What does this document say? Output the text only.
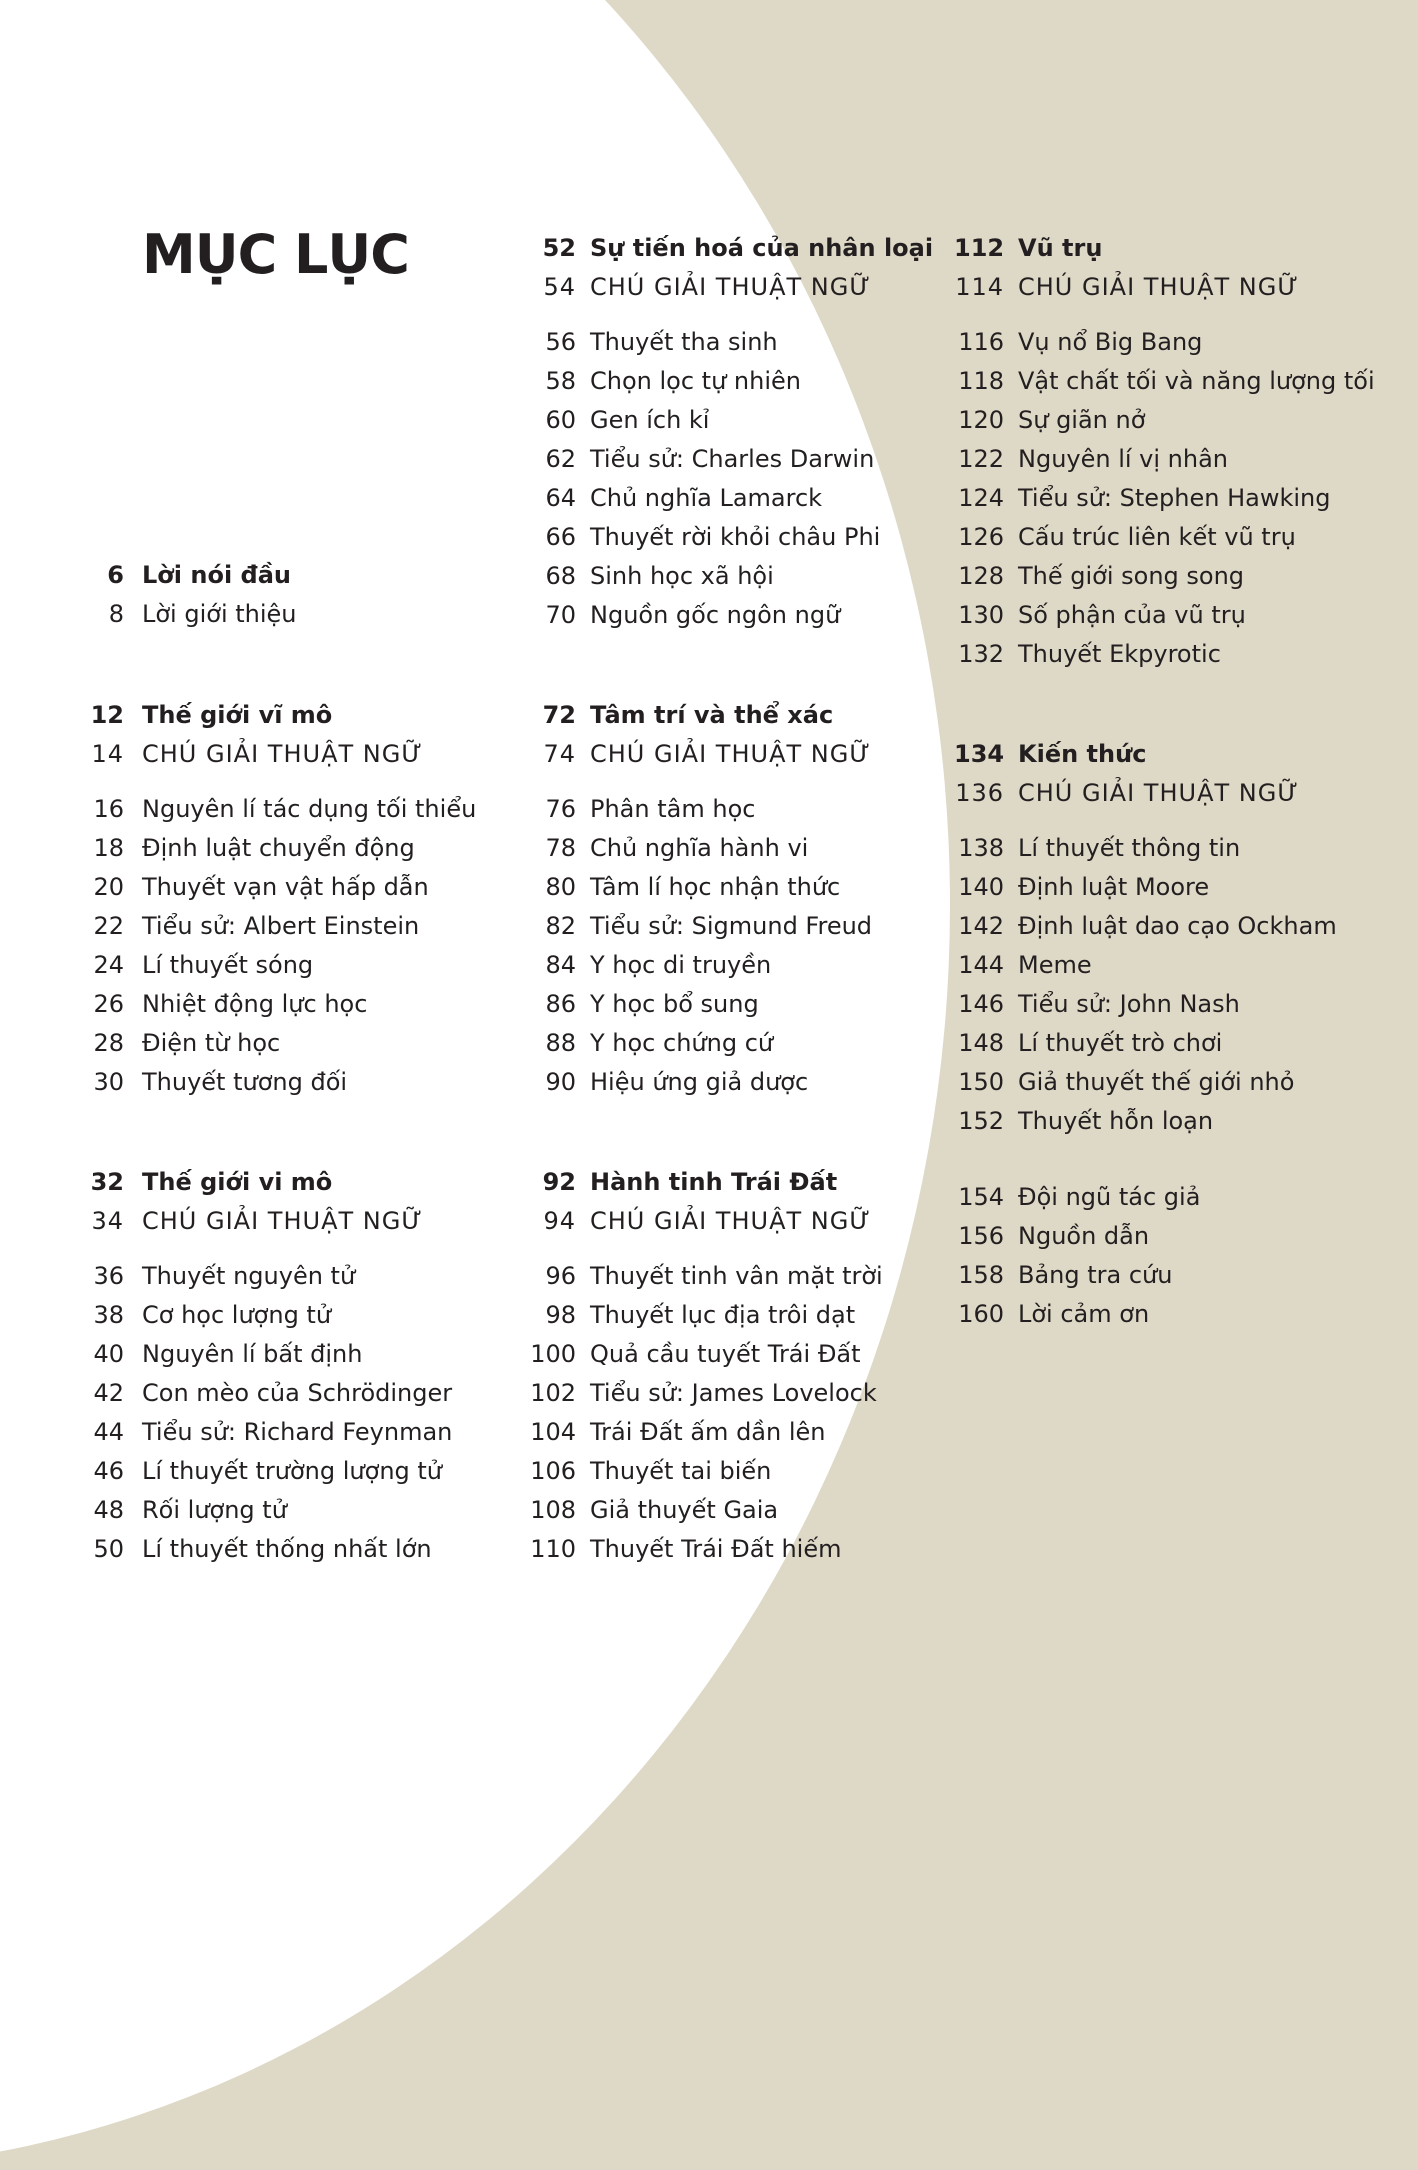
MỤC LỤC
6 Lời nói đầu
8 Lời giới thiệu
12 Thế giới vĩ mô
14 CHÚ GIẢI THUẬT NGỮ
16 Nguyên lí tác dụng tối thiểu
18 Định luật chuyển động
20 Thuyết vạn vật hấp dẫn
22 Tiểu sử: Albert Einstein
24 Lí thuyết sóng
26 Nhiệt động lực học
28 Điện từ học
30 Thuyết tương đối
32 Thế giới vi mô
34 CHÚ GIẢI THUẬT NGỮ
36 Thuyết nguyên tử
38 Cơ học lượng tử
40 Nguyên lí bất định
42 Con mèo của Schrödinger
44 Tiểu sử: Richard Feynman
46 Lí thuyết trường lượng tử
48 Rối lượng tử
50 Lí thuyết thống nhất lớn
52 Sự tiến hoá của nhân loại
54 CHÚ GIẢI THUẬT NGỮ
56 Thuyết tha sinh
58 Chọn lọc tự nhiên
60 Gen ích kỉ
62 Tiểu sử: Charles Darwin
64 Chủ nghĩa Lamarck
66 Thuyết rời khỏi châu Phi
68 Sinh học xã hội
70 Nguồn gốc ngôn ngữ
72 Tâm trí và thể xác
74 CHÚ GIẢI THUẬT NGỮ
76 Phân tâm học
78 Chủ nghĩa hành vi
80 Tâm lí học nhận thức
82 Tiểu sử: Sigmund Freud
84 Y học di truyền
86 Y học bổ sung
88 Y học chứng cứ
90 Hiệu ứng giả dược
92 Hành tinh Trái Đất
94 CHÚ GIẢI THUẬT NGỮ
96 Thuyết tinh vân mặt trời
98 Thuyết lục địa trôi dạt
100 Quả cầu tuyết Trái Đất
102 Tiểu sử: James Lovelock
104 Trái Đất ấm dần lên
106 Thuyết tai biến
108 Giả thuyết Gaia
110 Thuyết Trái Đất hiếm
112 Vũ trụ
114 CHÚ GIẢI THUẬT NGỮ
116 Vụ nổ Big Bang
118 Vật chất tối và năng lượng tối
120 Sự giãn nở
122 Nguyên lí vị nhân
124 Tiểu sử: Stephen Hawking
126 Cấu trúc liên kết vũ trụ
128 Thế giới song song
130 Số phận của vũ trụ
132 Thuyết Ekpyrotic
134 Kiến thức
136 CHÚ GIẢI THUẬT NGỮ
138 Lí thuyết thông tin
140 Định luật Moore
142 Định luật dao cạo Ockham
144 Meme
146 Tiểu sử: John Nash
148 Lí thuyết trò chơi
150 Giả thuyết thế giới nhỏ
152 Thuyết hỗn loạn
154 Đội ngũ tác giả
156 Nguồn dẫn
158 Bảng tra cứu
160 Lời cảm ơn
